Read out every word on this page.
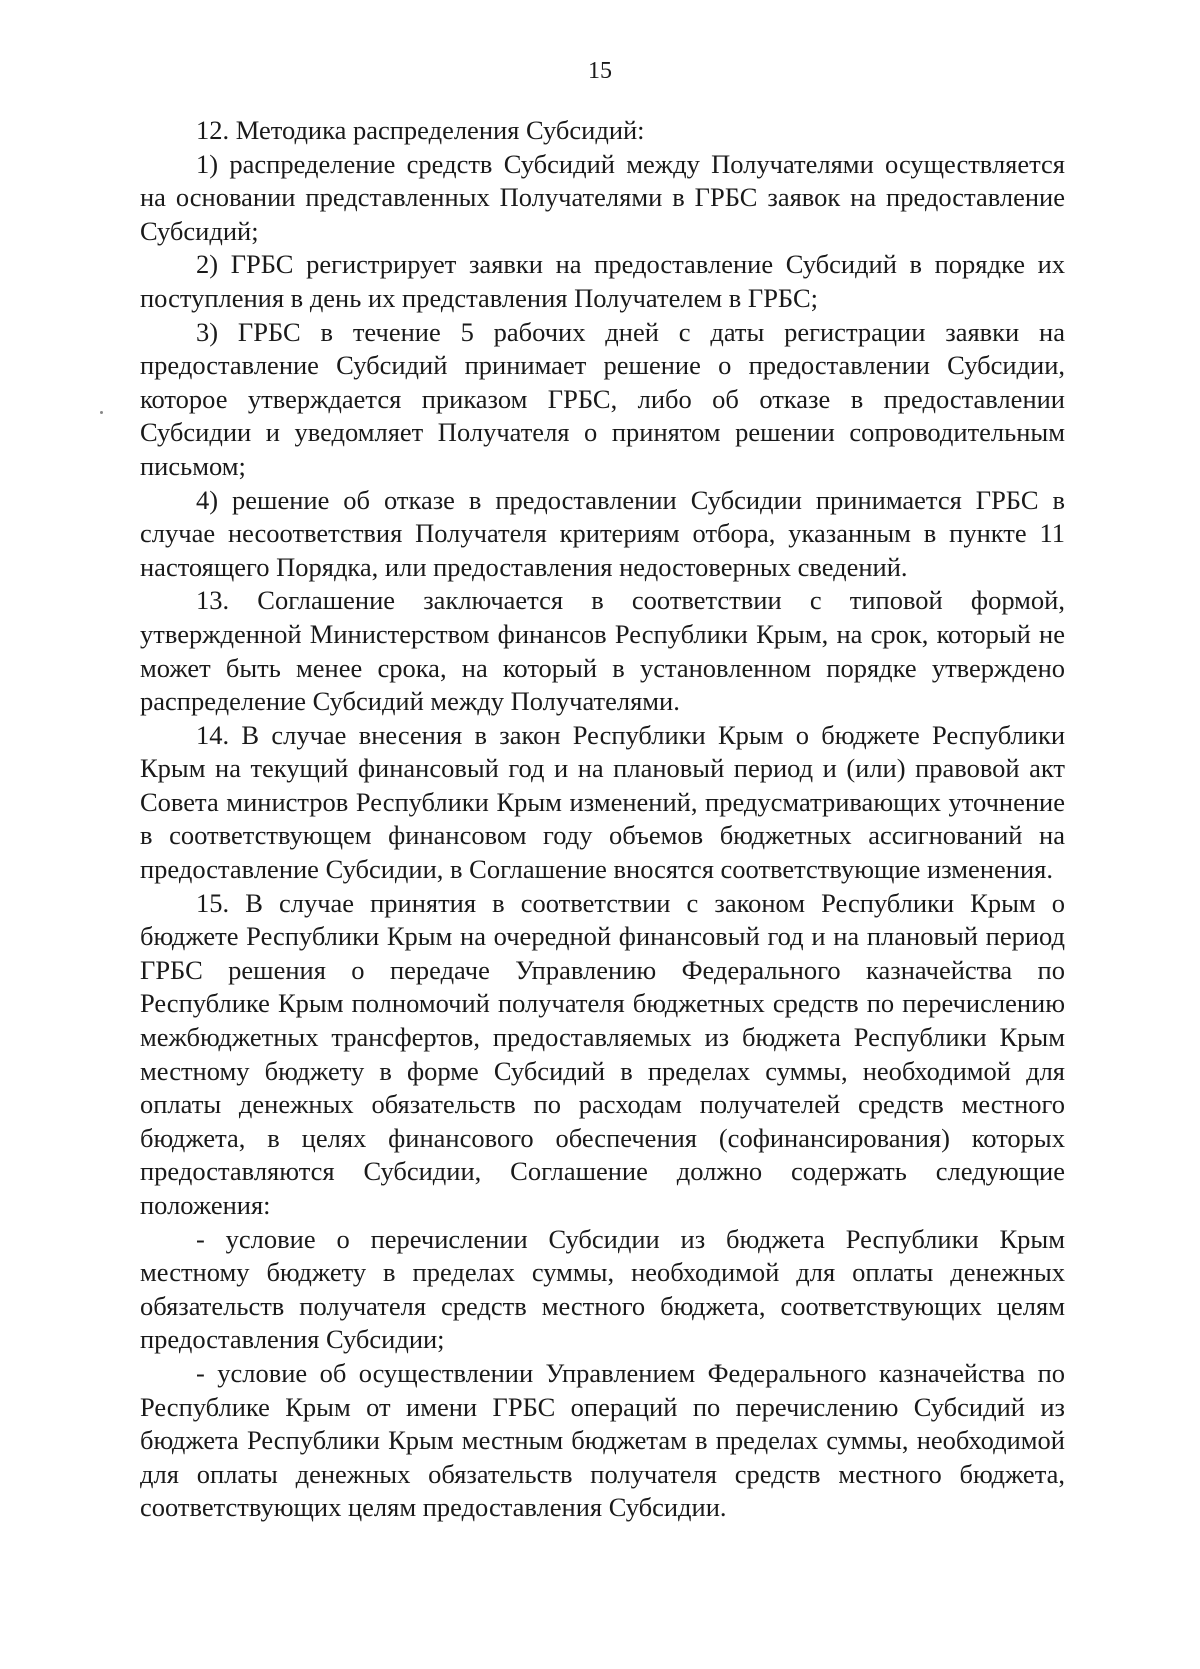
15

12. Методика распределения Субсидий:

1) распределение средств Субсидий между Получателями осуществляется на основании представленных Получателями в ГРБС заявок на предоставление Субсидий;

2) ГРБС регистрирует заявки на предоставление Субсидий в порядке их поступления в день их представления Получателем в ГРБС;

3) ГРБС в течение 5 рабочих дней с даты регистрации заявки на предоставление Субсидий принимает решение о предоставлении Субсидии, которое утверждается приказом ГРБС, либо об отказе в предоставлении Субсидии и уведомляет Получателя о принятом решении сопроводительным письмом;

4) решение об отказе в предоставлении Субсидии принимается ГРБС в случае несоответствия Получателя критериям отбора, указанным в пункте 11 настоящего Порядка, или предоставления недостоверных сведений.

13. Соглашение заключается в соответствии с типовой формой, утвержденной Министерством финансов Республики Крым, на срок, который не может быть менее срока, на который в установленном порядке утверждено распределение Субсидий между Получателями.

14. В случае внесения в закон Республики Крым о бюджете Республики Крым на текущий финансовый год и на плановый период и (или) правовой акт Совета министров Республики Крым изменений, предусматривающих уточнение в соответствующем финансовом году объемов бюджетных ассигнований на предоставление Субсидии, в Соглашение вносятся соответствующие изменения.

15. В случае принятия в соответствии с законом Республики Крым о бюджете Республики Крым на очередной финансовый год и на плановый период ГРБС решения о передаче Управлению Федерального казначейства по Республике Крым полномочий получателя бюджетных средств по перечислению межбюджетных трансфертов, предоставляемых из бюджета Республики Крым местному бюджету в форме Субсидий в пределах суммы, необходимой для оплаты денежных обязательств по расходам получателей средств местного бюджета, в целях финансового обеспечения (софинансирования) которых предоставляются Субсидии, Соглашение должно содержать следующие положения:

- условие о перечислении Субсидии из бюджета Республики Крым местному бюджету в пределах суммы, необходимой для оплаты денежных обязательств получателя средств местного бюджета, соответствующих целям предоставления Субсидии;

- условие об осуществлении Управлением Федерального казначейства по Республике Крым от имени ГРБС операций по перечислению Субсидий из бюджета Республики Крым местным бюджетам в пределах суммы, необходимой для оплаты денежных обязательств получателя средств местного бюджета, соответствующих целям предоставления Субсидии.
